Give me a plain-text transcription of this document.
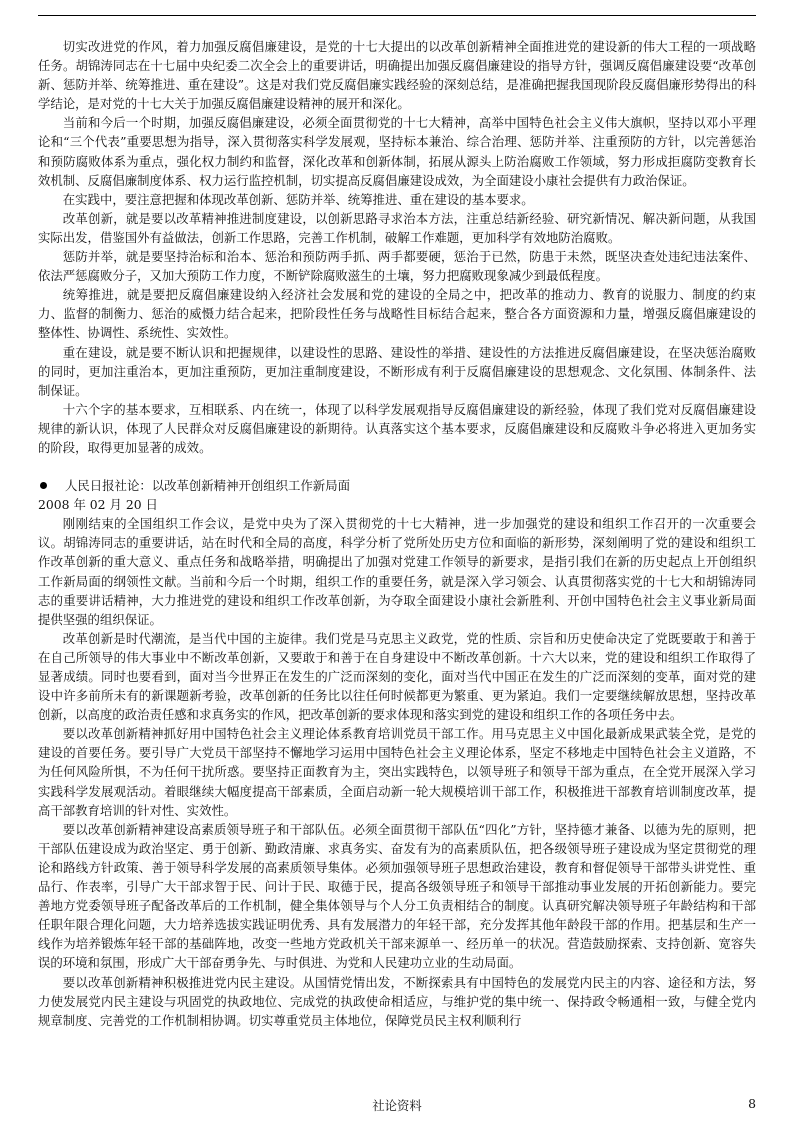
切实改进党的作风，着力加强反腐倡廉建设，是党的十七大提出的以改革创新精神全面推进党的建设新的伟大工程的一项战略任务。胡锦涛同志在十七届中央纪委二次全会上的重要讲话，明确提出加强反腐倡廉建设的指导方针，强调反腐倡廉建设要“改革创新、惩防并举、统筹推进、重在建设”。这是对我们党反腐倡廉实践经验的深刻总结，是准确把握我国现阶段反腐倡廉形势得出的科学结论，是对党的十七大关于加强反腐倡廉建设精神的展开和深化。

当前和今后一个时期，加强反腐倡廉建设，必须全面贯彻党的十七大精神，高举中国特色社会主义伟大旗帜，坚持以邓小平理论和“三个代表”重要思想为指导，深入贯彻落实科学发展观，坚持标本兼治、综合治理、惩防并举、注重预防的方针，以完善惩治和预防腐败体系为重点，强化权力制约和监督，深化改革和创新体制，拓展从源头上防治腐败工作领域，努力形成拒腐防变教育长效机制、反腐倡廉制度体系、权力运行监控机制，切实提高反腐倡廉建设成效，为全面建设小康社会提供有力政治保证。

在实践中，要注意把握和体现改革创新、惩防并举、统筹推进、重在建设的基本要求。

改革创新，就是要以改革精神推进制度建设，以创新思路寻求治本方法，注重总结新经验、研究新情况、解决新问题，从我国实际出发，借鉴国外有益做法，创新工作思路，完善工作机制，破解工作难题，更加科学有效地防治腐败。

惩防并举，就是要坚持治标和治本、惩治和预防两手抓、两手都要硬，惩治于已然，防患于未然，既坚决查处违纪违法案件、依法严惩腐败分子，又加大预防工作力度，不断铲除腐败滋生的土壤，努力把腐败现象减少到最低程度。

统筹推进，就是要把反腐倡廉建设纳入经济社会发展和党的建设的全局之中，把改革的推动力、教育的说服力、制度的约束力、监督的制衡力、惩治的威慑力结合起来，把阶段性任务与战略性目标结合起来，整合各方面资源和力量，增强反腐倡廉建设的整体性、协调性、系统性、实效性。

重在建设，就是要不断认识和把握规律，以建设性的思路、建设性的举措、建设性的方法推进反腐倡廉建设，在坚决惩治腐败的同时，更加注重治本，更加注重预防，更加注重制度建设，不断形成有利于反腐倡廉建设的思想观念、文化氛围、体制条件、法制保证。

十六个字的基本要求，互相联系、内在统一，体现了以科学发展观指导反腐倡廉建设的新经验，体现了我们党对反腐倡廉建设规律的新认识，体现了人民群众对反腐倡廉建设的新期待。认真落实这个基本要求，反腐倡廉建设和反腐败斗争必将进入更加务实的阶段，取得更加显著的成效。

人民日报社论：以改革创新精神开创组织工作新局面
2008 年 02 月 20 日

刚刚结束的全国组织工作会议，是党中央为了深入贯彻党的十七大精神，进一步加强党的建设和组织工作召开的一次重要会议。胡锦涛同志的重要讲话，站在时代和全局的高度，科学分析了党所处历史方位和面临的新形势，深刻阐明了党的建设和组织工作改革创新的重大意义、重点任务和战略举措，明确提出了加强对党建工作领导的新要求，是指引我们在新的历史起点上开创组织工作新局面的纲领性文献。当前和今后一个时期，组织工作的重要任务，就是深入学习领会、认真贯彻落实党的十七大和胡锦涛同志的重要讲话精神，大力推进党的建设和组织工作改革创新，为夺取全面建设小康社会新胜利、开创中国特色社会主义事业新局面提供坚强的组织保证。

改革创新是时代潮流，是当代中国的主旋律。我们党是马克思主义政党，党的性质、宗旨和历史使命决定了党既要敢于和善于在自己所领导的伟大事业中不断改革创新，又要敢于和善于在自身建设中不断改革创新。十六大以来，党的建设和组织工作取得了显著成绩。同时也要看到，面对当今世界正在发生的广泛而深刻的变化，面对当代中国正在发生的广泛而深刻的变革，面对党的建设中许多前所未有的新课题新考验，改革创新的任务比以往任何时候都更为繁重、更为紧迫。我们一定要继续解放思想，坚持改革创新，以高度的政治责任感和求真务实的作风，把改革创新的要求体现和落实到党的建设和组织工作的各项任务中去。

要以改革创新精神抓好用中国特色社会主义理论体系教育培训党员干部工作。用马克思主义中国化最新成果武装全党，是党的建设的首要任务。要引导广大党员干部坚持不懈地学习运用中国特色社会主义理论体系，坚定不移地走中国特色社会主义道路，不为任何风险所惧，不为任何干扰所惑。要坚持正面教育为主，突出实践特色，以领导班子和领导干部为重点，在全党开展深入学习实践科学发展观活动。着眼继续大幅度提高干部素质，全面启动新一轮大规模培训干部工作，积极推进干部教育培训制度改革，提高干部教育培训的针对性、实效性。

要以改革创新精神建设高素质领导班子和干部队伍。必须全面贯彻干部队伍“四化”方针，坚持德才兼备、以德为先的原则，把干部队伍建设成为政治坚定、勇于创新、勤政清廉、求真务实、奋发有为的高素质队伍，把各级领导班子建设成为坚定贯彻党的理论和路线方针政策、善于领导科学发展的高素质领导集体。必须加强领导班子思想政治建设，教育和督促领导干部带头讲党性、重品行、作表率，引导广大干部求智于民、问计于民、取德于民，提高各级领导班子和领导干部推动事业发展的开拓创新能力。要完善地方党委领导班子配备改革后的工作机制，健全集体领导与个人分工负责相结合的制度。认真研究解决领导班子年龄结构和干部任职年限合理化问题，大力培养选拔实践证明优秀、具有发展潜力的年轻干部，充分发挥其他年龄段干部的作用。把基层和生产一线作为培养锻炼年轻干部的基础阵地，改变一些地方党政机关干部来源单一、经历单一的状况。营造鼓励探索、支持创新、宽容失误的环境和氛围，形成广大干部奋勇争先、与时俱进、为党和人民建功立业的生动局面。

要以改革创新精神积极推进党内民主建设。从国情党情出发，不断探索具有中国特色的发展党内民主的内容、途径和方法，努力使发展党内民主建设与巩固党的执政地位、完成党的执政使命相适应，与维护党的集中统一、保持政令畅通相一致，与健全党内规章制度、完善党的工作机制相协调。切实尊重党员主体地位，保障党员民主权利顺利行

社论资料	8
